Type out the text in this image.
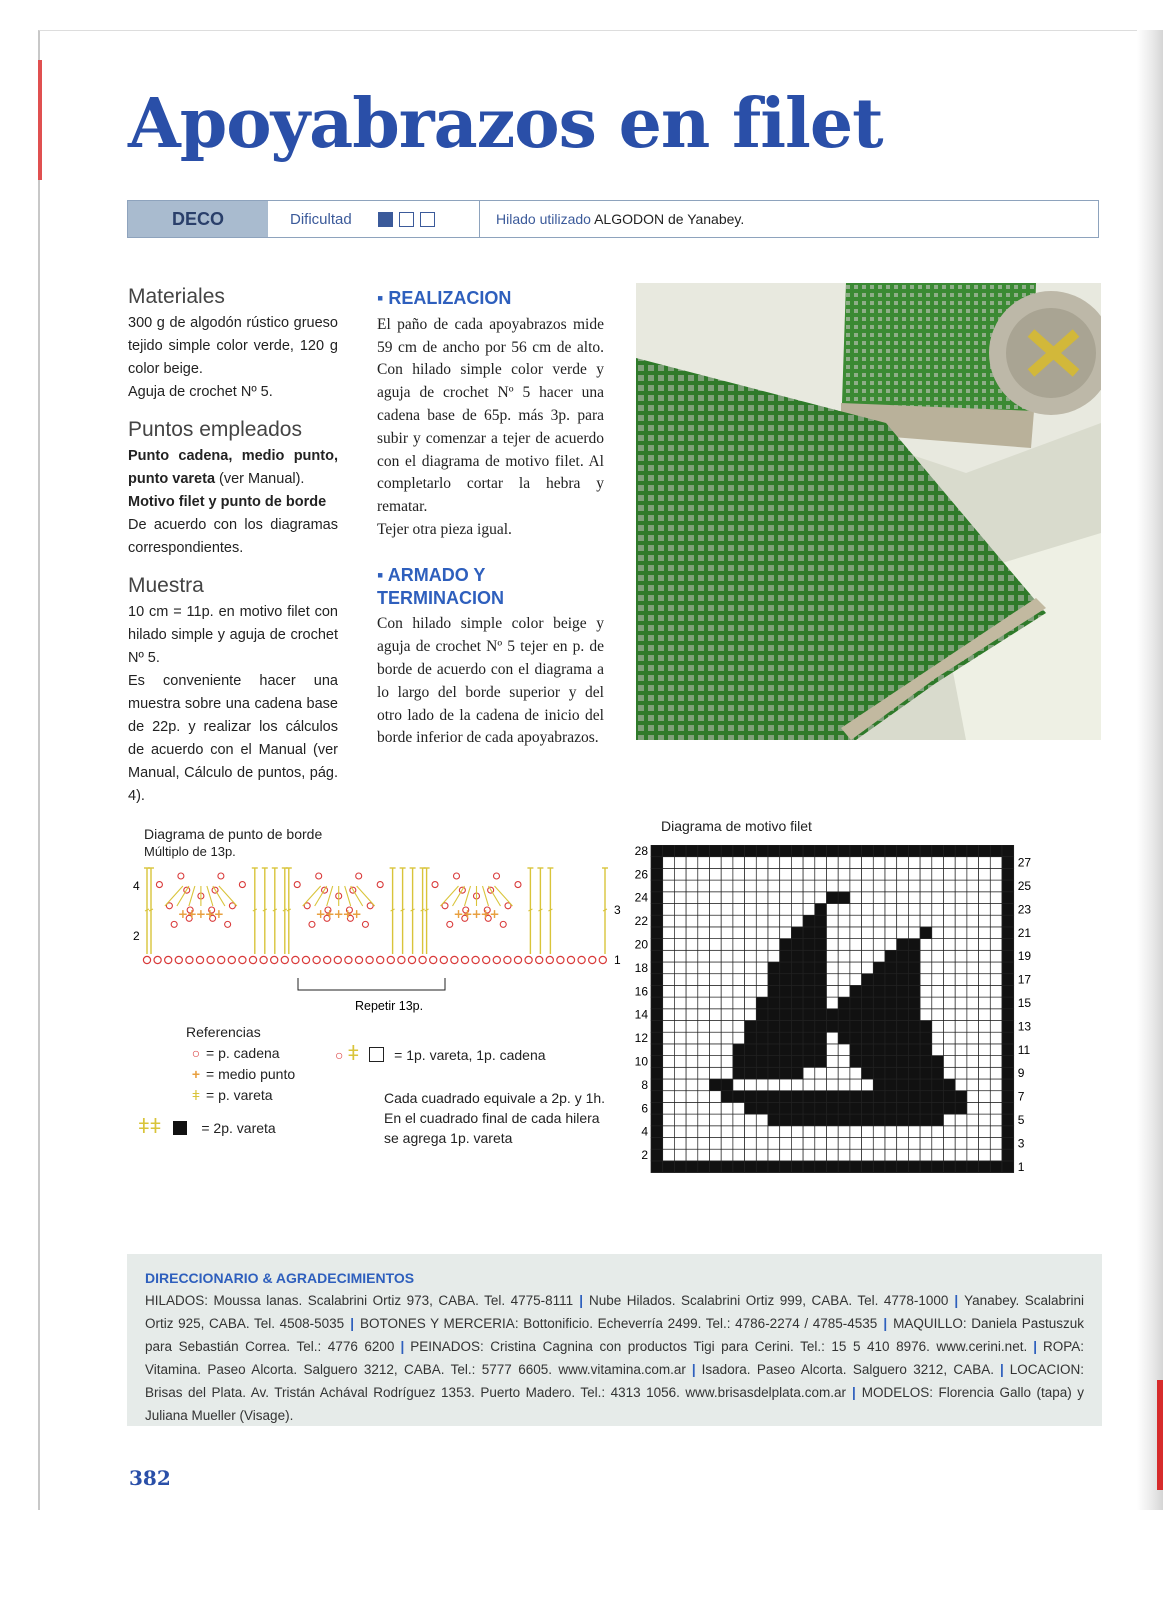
Apoyabrazos en filet
DECO	Dificultad	Hilado utilizado ALGODON de Yanabey.
Materiales

300 g de algodón rústico grueso tejido simple color verde, 120 g color beige.

Aguja de crochet Nº 5.

Puntos empleados

Punto cadena, medio punto, punto vareta (ver Manual).

Motivo filet y punto de borde

De acuerdo con los diagramas correspondientes.

Muestra

10 cm = 11p. en motivo filet con hilado simple y aguja de crochet Nº 5.

Es conveniente hacer una muestra sobre una cadena base de 22p. y realizar los cálculos de acuerdo con el Manual (ver Manual, Cálculo de puntos, pág. 4).

▪ REALIZACION

El paño de cada apoyabrazos mide 59 cm de ancho por 56 cm de alto. Con hilado simple color verde y aguja de crochet Nº 5 hacer una cadena base de 65p. más 3p. para subir y comenzar a tejer de acuerdo con el diagrama de motivo filet. Al completarlo cortar la hebra y rematar.

Tejer otra pieza igual.

▪ ARMADO Y TERMINACION

Con hilado simple color beige y aguja de crochet Nº 5 tejer en p. de borde de acuerdo con el diagrama a lo largo del borde superior y del otro lado de la cadena de inicio del borde inferior de cada apoyabrazos.

Diagrama de punto de borde
Múltiplo de 13p.
+
+
+
+
+	+
+
+
+
+	+
+
+
+
+
4
2
3
1
Repetir 13p.
Referencias
○ = p. cadena
+ = medio punto
ǂ = p. vareta
ǂǂ	= 2p. vareta
○ ǂ	= 1p. vareta, 1p. cadena
Cada cuadrado equivale a 2p. y 1h.
En el cuadrado final de cada hilera
se agrega 1p. vareta
Diagrama de motivo filet
28
26
24
22
20
18
16
14
12
10
8
6
4
2
27
25
23
21
19
17
15
13
11
9
7
5
3
1
DIRECCIONARIO & AGRADECIMIENTOS
HILADOS: Moussa lanas. Scalabrini Ortiz 973, CABA. Tel. 4775-8111 | Nube Hilados. Scalabrini Ortiz 999, CABA. Tel. 4778-1000 | Yanabey. Scalabrini Ortiz 925, CABA. Tel. 4508-5035 | BOTONES Y MERCERIA: Bottonificio. Echeverría 2499. Tel.: 4786-2274 / 4785-4535 | MAQUILLO: Daniela Pastuszuk para Sebastián Correa. Tel.: 4776 6200 | PEINADOS: Cristina Cagnina con productos Tigi para Cerini. Tel.: 15 5 410 8976. www.cerini.net. | ROPA: Vitamina. Paseo Alcorta. Salguero 3212, CABA. Tel.: 5777 6605. www.vitamina.com.ar | Isadora. Paseo Alcorta. Salguero 3212, CABA. | LOCACION: Brisas del Plata. Av. Tristán Achával Rodríguez 1353. Puerto Madero. Tel.: 4313 1056. www.brisasdelplata.com.ar | MODELOS: Florencia Gallo (tapa) y Juliana Mueller (Visage).
382
